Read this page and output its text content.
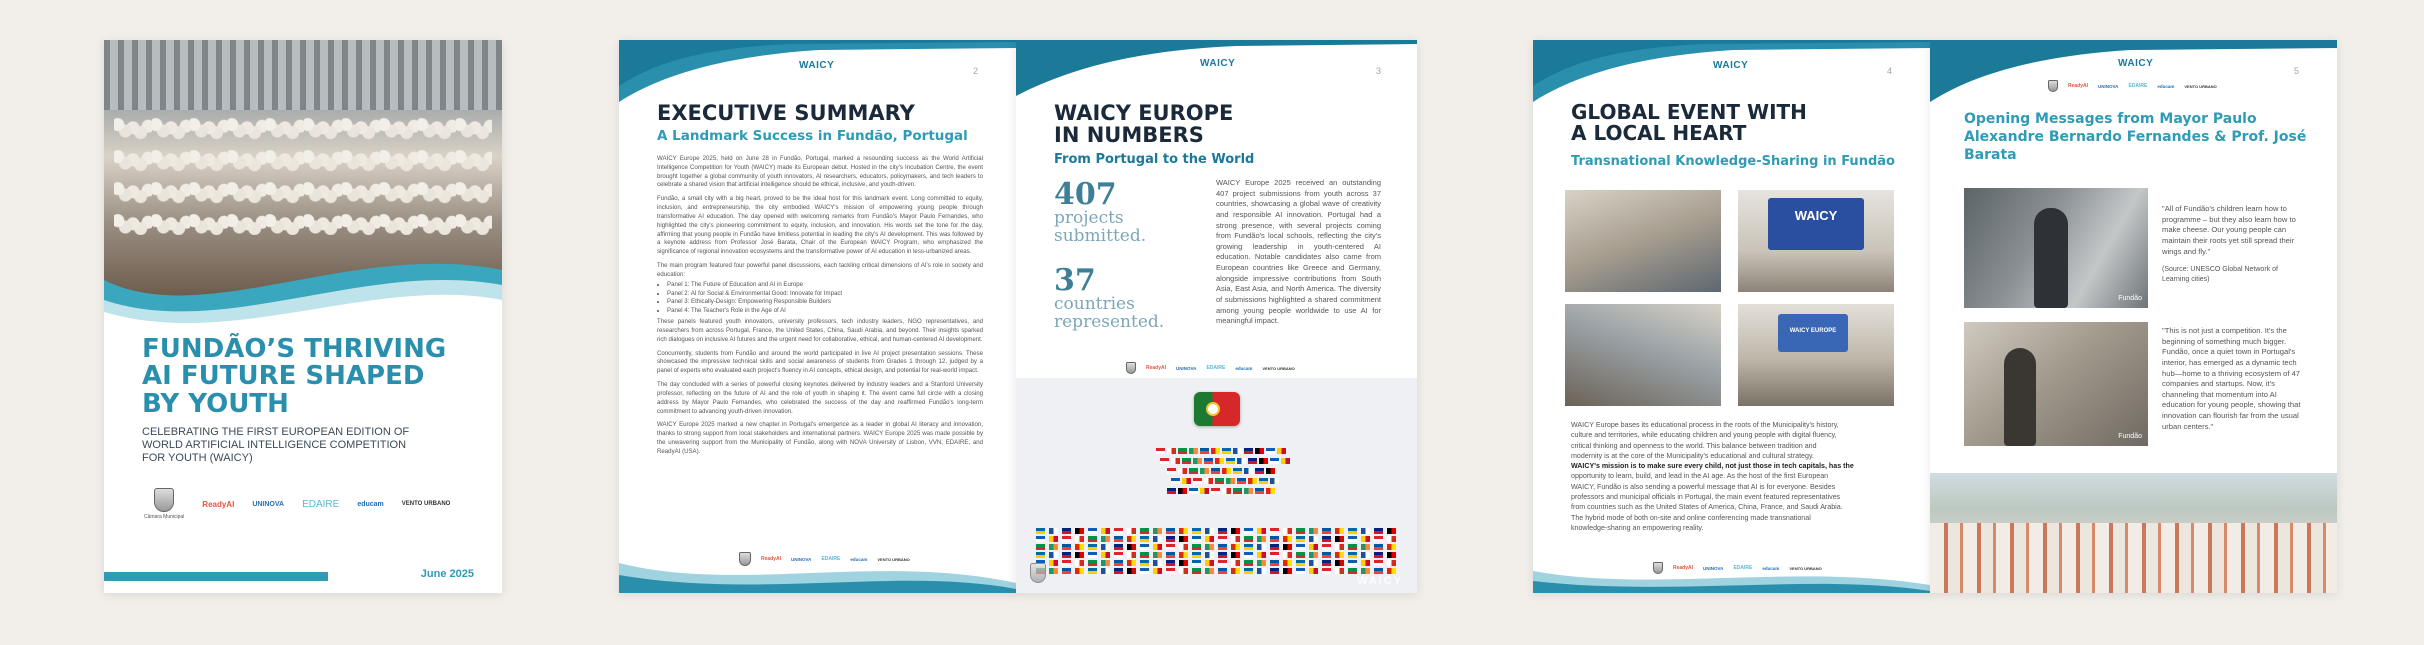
FUNDÃO’S THRIVING
AI FUTURE SHAPED
BY YOUTH
CELEBRATING THE FIRST EUROPEAN EDITION OF
WORLD ARTIFICIAL INTELLIGENCE COMPETITION
FOR YOUTH (WAICY)
Câmara Municipal
ReadyAI	UNINOVA EDAIRE	educam	VENTO URBANO
June 2025
WAICY	2
EXECUTIVE SUMMARY
A Landmark Success in Fundão, Portugal

WAICY Europe 2025, held on June 28 in Fundão, Portugal, marked a resounding success as the World Artificial Intelligence Competition for Youth (WAICY) made its European debut. Hosted in the city's Incubation Centre, the event brought together a global community of youth innovators, AI researchers, educators, policymakers, and tech leaders to celebrate a shared vision that artificial intelligence should be ethical, inclusive, and youth-driven.

Fundão, a small city with a big heart, proved to be the ideal host for this landmark event. Long committed to equity, inclusion, and entrepreneurship, the city embodied WAICY's mission of empowering young people through transformative AI education. The day opened with welcoming remarks from Fundão's Mayor Paulo Fernandes, who highlighted the city's pioneering commitment to equity, inclusion, and innovation. His words set the tone for the day, affirming that young people in Fundão have limitless potential in leading the city's AI development. This was followed by a keynote address from Professor José Barata, Chair of the European WAICY Program, who emphasized the significance of regional innovation ecosystems and the transformative power of AI education in less-urbanized areas.

The main program featured four powerful panel discussions, each tackling critical dimensions of AI's role in society and education:

• Panel 1: The Future of Education and AI in Europe
• Panel 2: AI for Social & Environmental Good: Innovate for Impact
• Panel 3: Ethically-Design: Empowering Responsible Builders
• Panel 4: The Teacher's Role in the Age of AI

These panels featured youth innovators, university professors, tech industry leaders, NGO representatives, and researchers from across Portugal, France, the United States, China, Saudi Arabia, and beyond. Their insights sparked rich dialogues on inclusive AI futures and the urgent need for collaborative, ethical, and human-centered AI development.

Concurrently, students from Fundão and around the world participated in live AI project presentation sessions. These showcased the impressive technical skills and social awareness of students from Grades 1 through 12, judged by a panel of experts who evaluated each project's fluency in AI concepts, ethical design, and potential for real-world impact.

The day concluded with a series of powerful closing keynotes delivered by industry leaders and a Stanford University professor, reflecting on the future of AI and the role of youth in shaping it. The event came full circle with a closing address by Mayor Paulo Fernandes, who celebrated the success of the day and reaffirmed Fundão's long-term commitment to advancing youth-driven innovation.

WAICY Europe 2025 marked a new chapter in Portugal's emergence as a leader in global AI literacy and innovation, thanks to strong support from local stakeholders and international partners. WAICY Europe 2025 was made possible by the unwavering support from the Municipality of Fundão, along with NOVA University of Lisbon, VVN, EDAIRE, and ReadyAI (USA).

ReadyAI UNINOVA EDAIRE educam	VENTO URBANO
WAICY
3
WAICY EUROPE
IN NUMBERS
From Portugal to the World
407
projects
submitted.
37
countries
represented.

WAICY Europe 2025 received an outstanding 407 project submissions from youth across 37 countries, showcasing a global wave of creativity and responsible AI innovation. Portugal had a strong presence, with several projects coming from Fundão's local schools, reflecting the city's growing leadership in youth-centered AI education. Notable candidates also came from European countries like Greece and Germany, alongside impressive contributions from South Asia, East Asia, and North America. The diversity of submissions highlighted a shared commitment among young people worldwide to use AI for meaningful impact.

ReadyAI UNINOVA EDAIRE educam	VENTO URBANO
WAICY
WAICY	4
GLOBAL EVENT WITH
A LOCAL HEART
Transnational Knowledge-Sharing in Fundão
WAICY
WAICY EUROPE
WAICY Europe bases its educational process in the roots of the Municipality's history,
culture and territories, while educating children and young people with digital fluency,
critical thinking and openness to the world. This balance between tradition and
modernity is at the core of the Municipality's educational and cultural strategy.
WAICY's mission is to make sure every child, not just those in tech capitals, has the
opportunity to learn, build, and lead in the AI age. As the host of the first European
WAICY, Fundão is also sending a powerful message that AI is for everyone. Besides
professors and municipal officials in Portugal, the main event featured representatives
from countries such as the United States of America, China, France, and Saudi Arabia.
The hybrid mode of both on-site and online conferencing made transnational
knowledge-sharing an empowering reality.
ReadyAI UNINOVA EDAIRE educam	VENTO URBANO
WAICY
5
ReadyAI UNINOVA EDAIRE educam	VENTO URBANO
Opening Messages from Mayor Paulo
Alexandre Bernardo Fernandes & Prof. José
Barata
Fundão

"All of Fundão's children learn how to programme – but they also learn how to make cheese. Our young people can maintain their roots yet still spread their wings and fly."

(Source: UNESCO Global Network of Learning cities)

Fundão

"This is not just a competition. It's the beginning of something much bigger. Fundão, once a quiet town in Portugal's interior, has emerged as a dynamic tech hub—home to a thriving ecosystem of 47 companies and startups. Now, it's channeling that momentum into AI education for young people, showing that innovation can flourish far from the usual urban centers."
